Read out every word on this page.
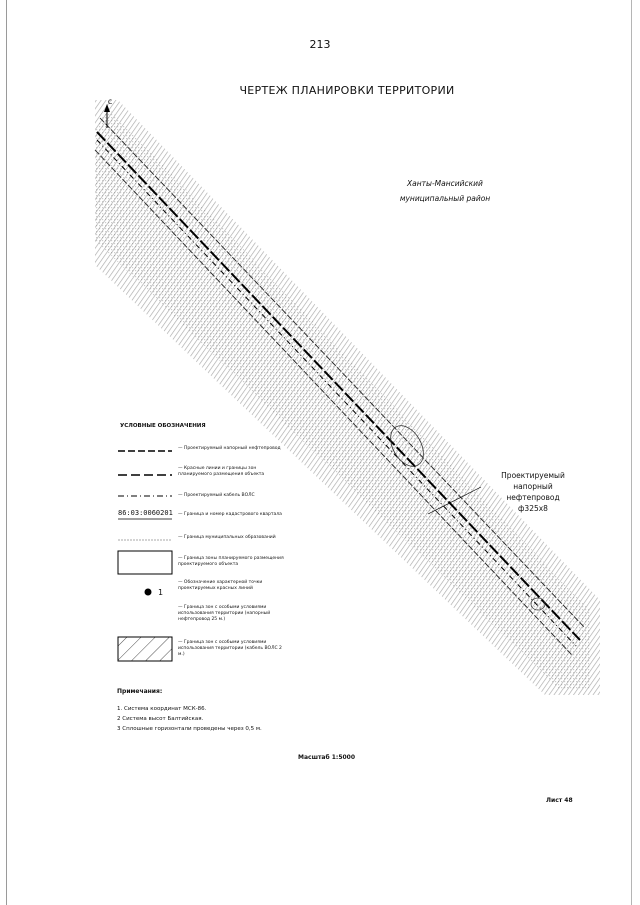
213
ЧЕРТЕЖ ПЛАНИРОВКИ ТЕРРИТОРИИ
С
Ханты-Мансийский
муниципальный район
Проектируемый
напорный
нефтепровод
ф325х8
УСЛОВНЫЕ ОБОЗНАЧЕНИЯ
— Проектируемый напорный нефтепровод
— Красные линии и границы зон планируемого размещения объекта
— Проектируемый кабель ВОЛС
— Граница и номер кадастрового квартала
— Граница муниципальных образований
— Граница зоны планируемого размещения проектируемого объекта
— Обозначение характерной точки проектируемых красных линий
— Граница зон с особыми условиями использования территории (напорный нефтепровод 25 м.)
— Граница зон с особыми условиями использования территории (кабель ВОЛС 2 м.)
86:03:0060201
1
Примечания:
1. Система координат МСК-86.
2 Система высот Балтийская.
3 Сплошные горизонтали проведены через 0,5 м.
Масштаб 1:5000
Лист 48
